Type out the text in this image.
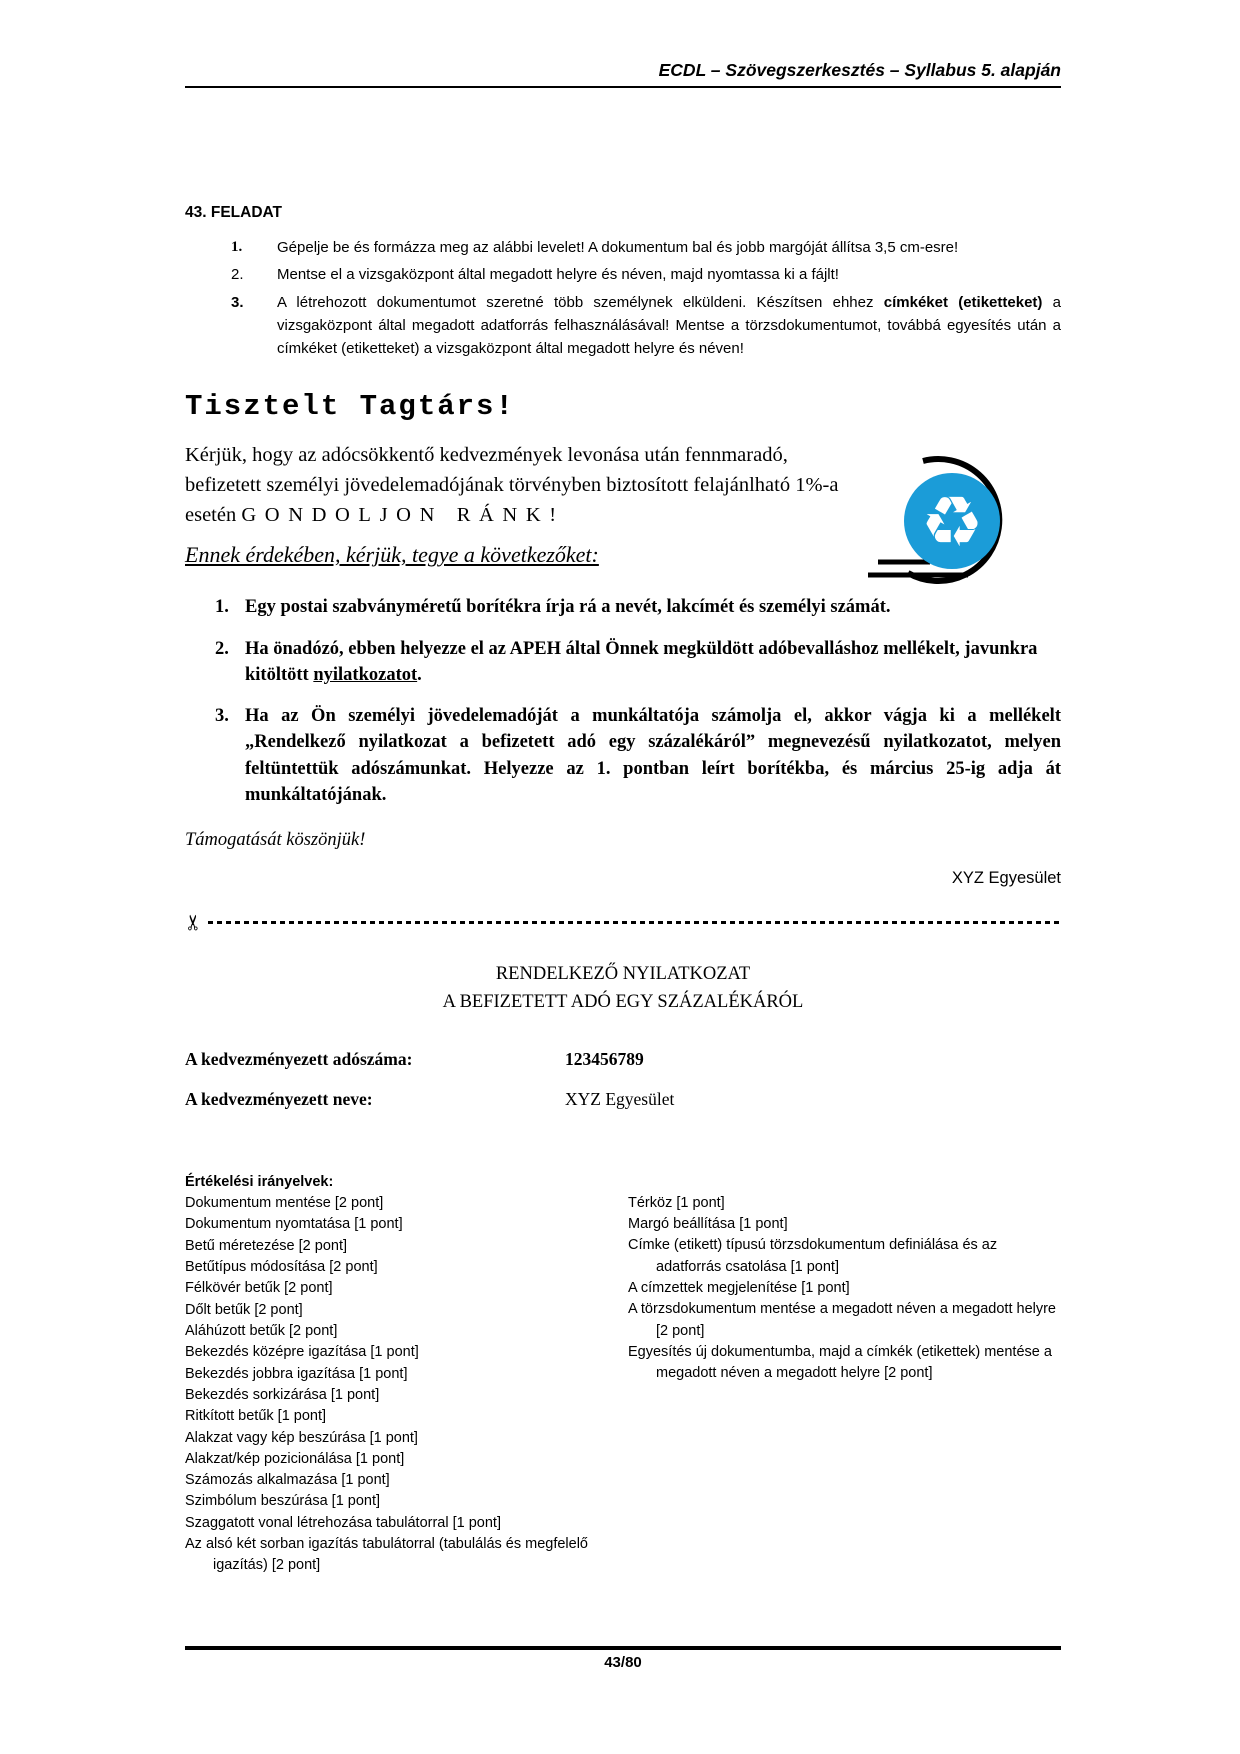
ECDL – Szövegszerkesztés – Syllabus 5. alapján
43. FELADAT
1.	Gépelje be és formázza meg az alábbi levelet! A dokumentum bal és jobb margóját állítsa 3,5 cm-esre!
2.	Mentse el a vizsgaközpont által megadott helyre és néven, majd nyomtassa ki a fájlt!
3.	A létrehozott dokumentumot szeretné több személynek elküldeni. Készítsen ehhez címkéket (etiketteket) a vizsgaközpont által megadott adatforrás felhasználásával! Mentse a törzsdokumentumot, továbbá egyesítés után a címkéket (etiketteket) a vizsgaközpont által megadott helyre és néven!
Tisztelt Tagtárs!
Kérjük, hogy az adócsökkentő kedvezmények levonása után fennmaradó, befizetett személyi jövedelemadójának törvényben biztosított felajánlható 1%-a esetén GONDOLJON RÁNK!
Ennek érdekében, kérjük, tegye a következőket:
1. Egy postai szabványméretű borítékra írja rá a nevét, lakcímét és személyi számát.
2. Ha önadózó, ebben helyezze el az APEH által Önnek megküldött adóbevalláshoz mellékelt, javunkra kitöltött nyilatkozatot.
3. Ha az Ön személyi jövedelemadóját a munkáltatója számolja el, akkor vágja ki a mellékelt „Rendelkező nyilatkozat a befizetett adó egy százalékáról” megnevezésű nyilatkozatot, melyen feltüntettük adószámunkat. Helyezze az 1. pontban leírt borítékba, és március 25-ig adja át munkáltatójának.
Támogatását köszönjük!
XYZ Egyesület
✂
RENDELKEZŐ NYILATKOZAT
A BEFIZETETT ADÓ EGY SZÁZALÉKÁRÓL
A kedvezményezett adószáma:	123456789
A kedvezményezett neve:	XYZ Egyesület
Értékelési irányelvek:
Dokumentum mentése [2 pont]
Dokumentum nyomtatása [1 pont]
Betű méretezése [2 pont]
Betűtípus módosítása [2 pont]
Félkövér betűk [2 pont]
Dőlt betűk [2 pont]
Aláhúzott betűk [2 pont]
Bekezdés középre igazítása [1 pont]
Bekezdés jobbra igazítása [1 pont]
Bekezdés sorkizárása [1 pont]
Ritkított betűk [1 pont]
Alakzat vagy kép beszúrása [1 pont]
Alakzat/kép pozicionálása [1 pont]
Számozás alkalmazása [1 pont]
Szimbólum beszúrása [1 pont]
Szaggatott vonal létrehozása tabulátorral [1 pont]
Az alsó két sorban igazítás tabulátorral (tabulálás és megfelelő igazítás) [2 pont]
Térköz [1 pont]
Margó beállítása [1 pont]
Címke (etikett) típusú törzsdokumentum definiálása és az adatforrás csatolása [1 pont]
A címzettek megjelenítése [1 pont]
A törzsdokumentum mentése a megadott néven a megadott helyre [2 pont]
Egyesítés új dokumentumba, majd a címkék (etikettek) mentése a megadott néven a megadott helyre [2 pont]
♻
43/80
